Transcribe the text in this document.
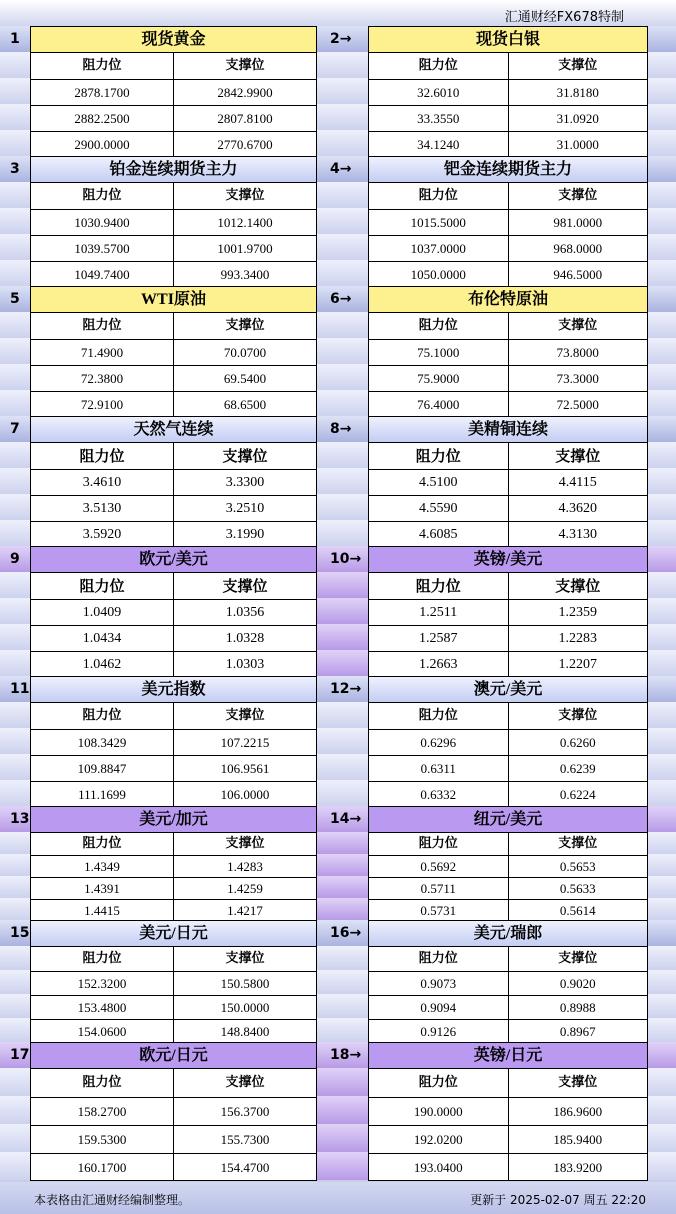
汇通财经FX678特制
1	现货黄金
阻力位	支撑位
2878.1700	2842.9900
2882.2500	2807.8100
2900.0000	2770.6700
2→	现货白银
阻力位	支撑位
32.6010	31.8180
33.3550	31.0920
34.1240	31.0000
3	铂金连续期货主力
阻力位	支撑位
1030.9400	1012.1400
1039.5700	1001.9700
1049.7400	993.3400
4→	钯金连续期货主力
阻力位	支撑位
1015.5000	981.0000
1037.0000	968.0000
1050.0000	946.5000
5	WTI原油
阻力位	支撑位
71.4900	70.0700
72.3800	69.5400
72.9100	68.6500
6→	布伦特原油
阻力位	支撑位
75.1000	73.8000
75.9000	73.3000
76.4000	72.5000
7	天然气连续
阻力位	支撑位
3.4610	3.3300
3.5130	3.2510
3.5920	3.1990
8→	美精铜连续
阻力位	支撑位
4.5100	4.4115
4.5590	4.3620
4.6085	4.3130
9	欧元/美元
阻力位	支撑位
1.0409	1.0356
1.0434	1.0328
1.0462	1.0303
10→	英镑/美元
阻力位	支撑位
1.2511	1.2359
1.2587	1.2283
1.2663	1.2207
11	美元指数
阻力位	支撑位
108.3429	107.2215
109.8847	106.9561
111.1699	106.0000
12→	澳元/美元
阻力位	支撑位
0.6296	0.6260
0.6311	0.6239
0.6332	0.6224
13	美元/加元
阻力位	支撑位
1.4349	1.4283
1.4391	1.4259
1.4415	1.4217
14→	纽元/美元
阻力位	支撑位
0.5692	0.5653
0.5711	0.5633
0.5731	0.5614
15	美元/日元
阻力位	支撑位
152.3200	150.5800
153.4800	150.0000
154.0600	148.8400
16→	美元/瑞郎
阻力位	支撑位
0.9073	0.9020
0.9094	0.8988
0.9126	0.8967
17	欧元/日元
阻力位	支撑位
158.2700	156.3700
159.5300	155.7300
160.1700	154.4700
18→	英镑/日元
阻力位	支撑位
190.0000	186.9600
192.0200	185.9400
193.0400	183.9200
本表格由汇通财经编制整理。	更新于 2025-02-07 周五 22:20
